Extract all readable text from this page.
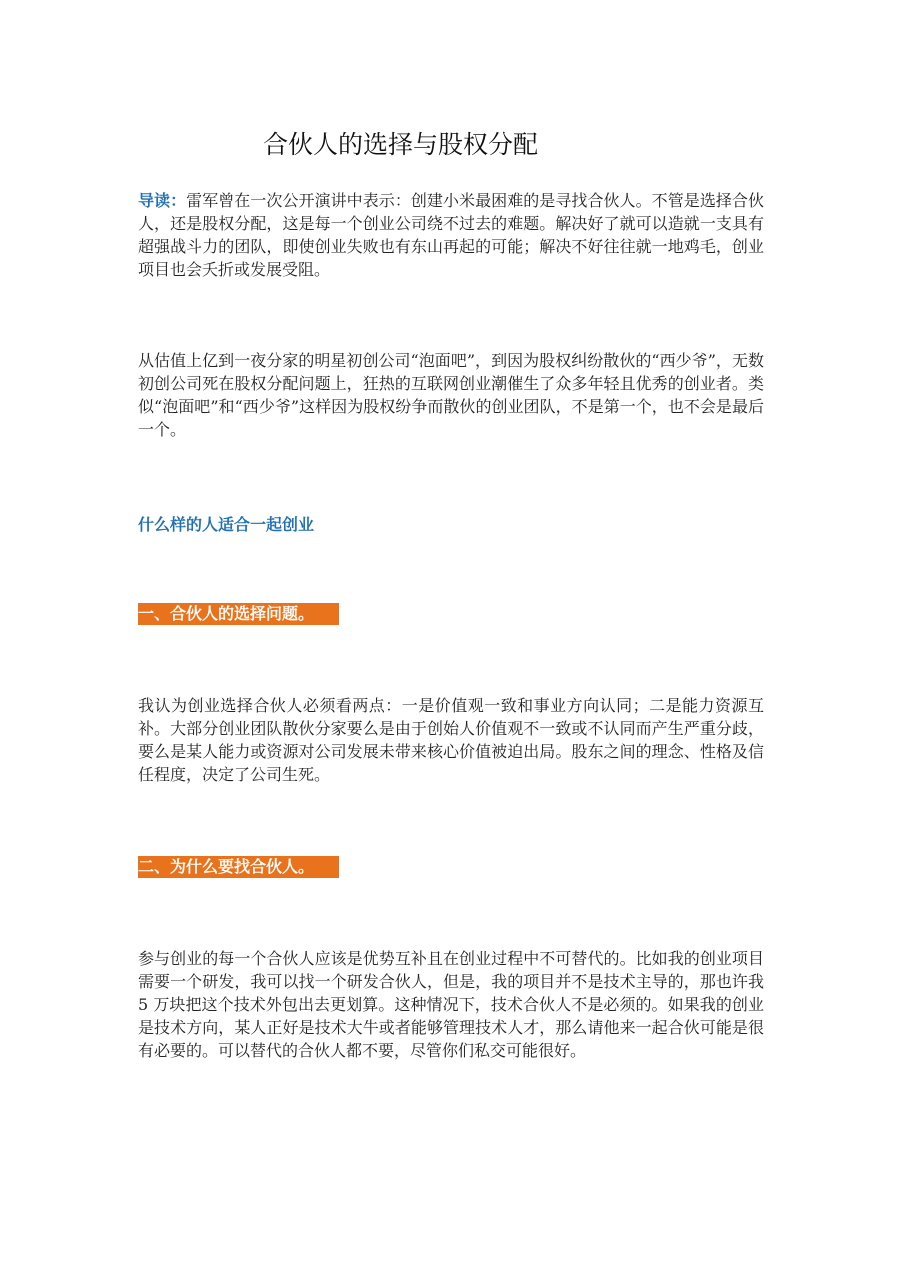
合伙人的选择与股权分配

导读：雷军曾在一次公开演讲中表示：创建小米最困难的是寻找合伙人。不管是选择合伙人，还是股权分配，这是每一个创业公司绕不过去的难题。解决好了就可以造就一支具有超强战斗力的团队，即使创业失败也有东山再起的可能；解决不好往往就一地鸡毛，创业项目也会夭折或发展受阻。

从估值上亿到一夜分家的明星初创公司“泡面吧”，到因为股权纠纷散伙的“西少爷”，无数初创公司死在股权分配问题上，狂热的互联网创业潮催生了众多年轻且优秀的创业者。类似“泡面吧”和“西少爷”这样因为股权纷争而散伙的创业团队，不是第一个，也不会是最后一个。

什么样的人适合一起创业
一、合伙人的选择问题。

我认为创业选择合伙人必须看两点：一是价值观一致和事业方向认同；二是能力资源互补。大部分创业团队散伙分家要么是由于创始人价值观不一致或不认同而产生严重分歧，要么是某人能力或资源对公司发展未带来核心价值被迫出局。股东之间的理念、性格及信任程度，决定了公司生死。

二、为什么要找合伙人。

参与创业的每一个合伙人应该是优势互补且在创业过程中不可替代的。比如我的创业项目需要一个研发，我可以找一个研发合伙人，但是，我的项目并不是技术主导的，那也许我 5 万块把这个技术外包出去更划算。这种情况下，技术合伙人不是必须的。如果我的创业是技术方向，某人正好是技术大牛或者能够管理技术人才，那么请他来一起合伙可能是很有必要的。可以替代的合伙人都不要，尽管你们私交可能很好。
